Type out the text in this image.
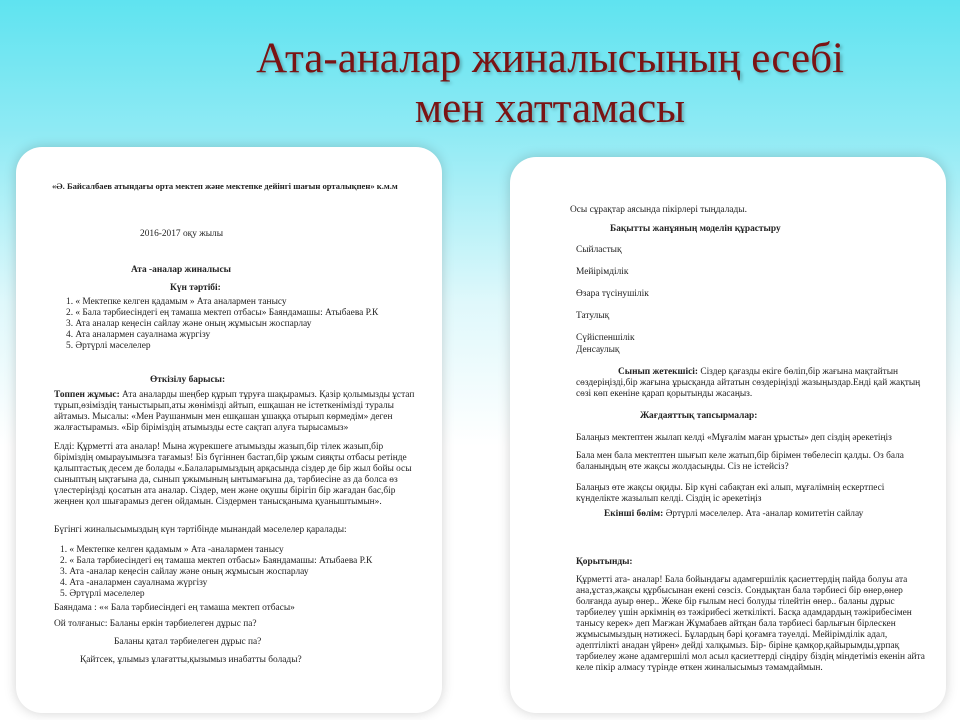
Ата-аналар жиналысының есебі
мен хаттамасы
«Ә. Байсалбаев атындағы орта мектеп және мектепке дейінгі шағын орталықпен» к.м.м
2016-2017 оқу жылы
Ата -аналар жиналысы
Күн тәртібі:
1. « Мектепке келген қадамым » Ата аналармен танысу
2. « Бала тәрбиесіндегі ең тамаша мектеп отбасы» Баяндамашы: Атыбаева Р.К
3. Ата аналар кеңесін сайлау және оның жұмысын жоспарлау
4. Ата аналармен сауалнама жүргізу
5. Әртүрлі мәселелер
Өткізілу барысы:
Топпен жұмыс: Ата аналарды шеңбер құрып тұруға шақырамыз. Қазір қолымызды ұстап тұрып,өзіміздің таныстырып,аты жөнімізді айтып, ешқашан не істеткенімізді туралы айтамыз. Мысалы: «Мен Раушанмын мен ешқашан ұшаққа отырып көрмедім» деген жалғастырамыз. «Бір біріміздің атымызды есте сақтап алуға тырысамыз»
Елді: Құрметті ата аналар! Мына жүрекшеге атымызды жазып,бір тілек жазып,бір біріміздің омырауымызға тағамыз! Біз бүгіннен бастап,бір ұжым сияқты отбасы ретінде қалыптастық десем де болады «.Балаларымыздың арқасында сіздер де бір жыл бойы осы сыныптың ықтағына да, сынып ұжымының ынтымағына да, тәрбиесіне аз да болса өз үлестеріңізді қосатын ата аналар. Сіздер, мен және оқушы бірігіп бір жағадан бас,бір жеңнен қол шығарамыз деген ойдамын. Сіздермен танысқаныма қуаныштымын».
Бүгінгі жиналысымыздың күн тәртібінде мынандай мәселелер қаралады:
1. « Мектепке келген қадамым » Ата -аналармен танысу
2. « Бала тәрбиесіндегі ең тамаша мектеп отбасы» Баяндамашы: Атыбаева Р.К
3. Ата -аналар кеңесін сайлау және оның жұмысын жоспарлау
4. Ата -аналармен сауалнама жүргізу
5. Әртүрлі мәселелер
Баяндама : «« Бала тәрбиесіндегі ең тамаша мектеп отбасы»
Ой толғаныс: Баланы еркін тәрбиелеген дұрыс па?
Баланы қатал тәрбиелеген дұрыс па?
Қайтсек, ұлымыз ұлағатты,қызымыз инабатты болады?
Осы сұрақтар аясында пікірлері тыңдалады.
Бақытты жанұяның моделін құрастыру
Сыйластық
Мейірімділік
Өзара түсінушілік
Татулық
Сүйіспеншілік
Денсаулық
Сынып жетекшісі: Сіздер қағазды екіге бөліп,бір жағына мақтайтын сөздеріңізді,бір жағына ұрысқанда айтатын сөздеріңізді жазыңыздар.Енді қай жақтың сөзі көп екеніне қарап қорытынды жасаңыз.
Жағдаяттық тапсырмалар:
Балаңыз мектептен жылап келді «Мұғалім маған ұрысты» деп сіздің әрекетіңіз
Бала мен бала мектептен шығып келе жатып,бір бірімен төбелесіп қалды. Оз бала баланыңдың өте жақсы жолдасыңды. Сіз не істейсіз?
Балаңыз өте жақсы оқиды. Бір күні сабақтан екі алып, мұғалімнің ескертпесі күнделікте жазылып келді. Сіздің іс әрекетіңіз
Екінші бөлім: Әртүрлі мәселелер. Ата -аналар комитетін сайлау
Қорытынды:
Құрметті ата- аналар! Бала бойындағы адамгершілік қасиеттердің пайда болуы ата ана,ұстаз,жақсы құрбысынан екені сөзсіз. Сондықтан бала тәрбиесі бір өнер,өнер болғанда ауыр өнер.. Жеке бір ғылым несі болуды тілейтін өнер.. баланы дұрыс тәрбиелеу үшін әркімнің өз тәжірибесі жеткілікті. Басқа адамдардың тәжірибесімен танысу керек» деп Мағжан Жұмабаев айтқан бала тәрбиесі барлығын бірлескен жұмысымыздың нәтижесі. Бұлардың бәрі қоғамға тәуелді. Мейірімділік адал, әдептілікті анадан үйрен» дейді халқымыз. Бір- біріне қамқор,қайырымды,ұрпақ тәрбиелеу және адамгершілі мол асыл қасиеттерді сіңдіру біздің міндетіміз екенін айта келе пікір алмасу түрінде өткен жиналысымыз тәмамдаймын.
